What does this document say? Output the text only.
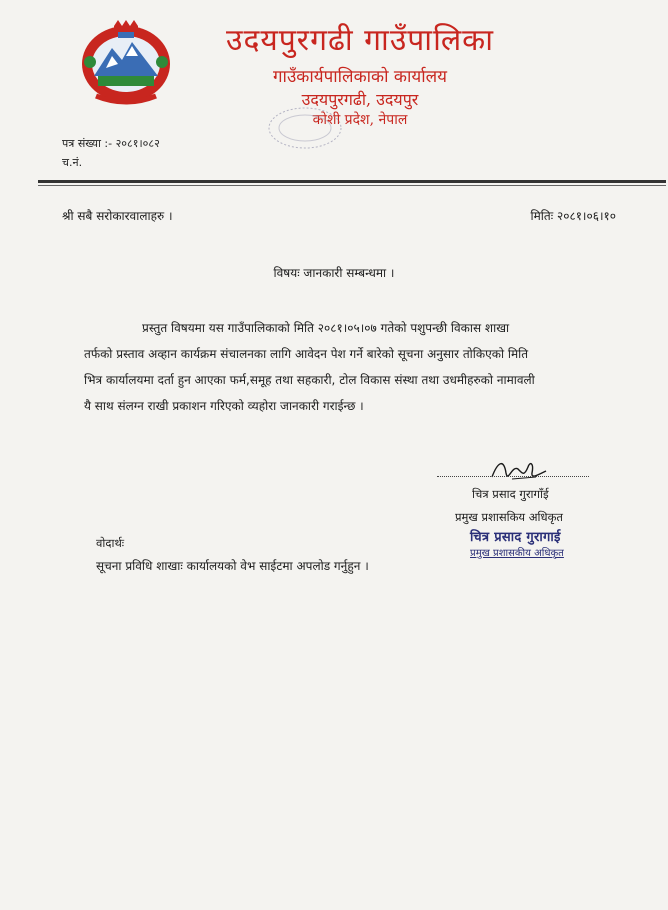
उदयपुरगढी गाउँपालिका
गाउँकार्यपालिकाको कार्यालय
उदयपुरगढी, उदयपुर
कोशी प्रदेश, नेपाल
पत्र संख्या :- २०८१।०८२
च.नं.
श्री सबै सरोकारवालाहरु ।	मितिः २०८१।०६।१०
विषयः जानकारी सम्बन्धमा ।
प्रस्तुत विषयमा यस गाउँपालिकाको मिति २०८१।०५।०७ गतेको पशुपन्छी विकास शाखा
तर्फको प्रस्ताव अव्हान कार्यक्रम संचालनका लागि आवेदन पेश गर्ने बारेको सूचना अनुसार तोकिएको मिति
भित्र कार्यालयमा दर्ता हुन आएका फर्म,समूह तथा सहकारी, टोल विकास संस्था तथा उधमीहरुको नामावली
यै साथ संलग्न राखी प्रकाशन गरिएको व्यहोरा जानकारी गराईन्छ ।
चित्र प्रसाद गुरागाँई
प्रमुख प्रशासकिय अधिकृत
चित्र प्रसाद गुरागाई
प्रमुख प्रशासकीय अधिकृत
वोदार्थः
सूचना प्रविधि शाखाः कार्यालयको वेभ साईटमा अपलोड गर्नुहुन ।
